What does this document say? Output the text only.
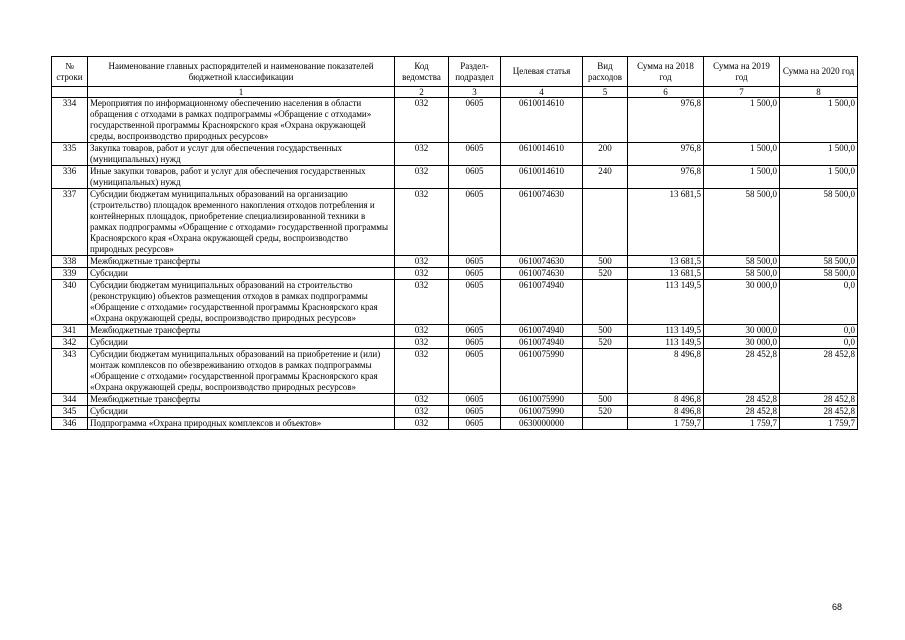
№ строки	Наименование главных распорядителей и наименование показателей бюджетной классификации	Код ведомства	Раздел-подраздел	Целевая статья	Вид расходов	Сумма на 2018 год	Сумма на 2019 год	Сумма на 2020 год
	1	2	3	4	5	6	7	8
334	Мероприятия по информационному обеспечению населения в области обращения с отходами в рамках подпрограммы «Обращение с отходами» государственной программы Красноярского края «Охрана окружающей среды, воспроизводство природных ресурсов»	032	0605	0610014610		976,8	1 500,0	1 500,0
335	Закупка товаров, работ и услуг для обеспечения государственных (муниципальных) нужд	032	0605	0610014610	200	976,8	1 500,0	1 500,0
336	Иные закупки товаров, работ и услуг для обеспечения государственных (муниципальных) нужд	032	0605	0610014610	240	976,8	1 500,0	1 500,0
337	Субсидии бюджетам муниципальных образований на организацию (строительство) площадок временного накопления отходов потребления и контейнерных площадок, приобретение специализированной техники в рамках подпрограммы «Обращение с отходами» государственной программы Красноярского края «Охрана окружающей среды, воспроизводство природных ресурсов»	032	0605	0610074630		13 681,5	58 500,0	58 500,0
338	Межбюджетные трансферты	032	0605	0610074630	500	13 681,5	58 500,0	58 500,0
339	Субсидии	032	0605	0610074630	520	13 681,5	58 500,0	58 500,0
340	Субсидии бюджетам муниципальных образований на строительство (реконструкцию) объектов размещения отходов в рамках подпрограммы «Обращение с отходами» государственной программы Красноярского края «Охрана окружающей среды, воспроизводство природных ресурсов»	032	0605	0610074940		113 149,5	30 000,0	0,0
341	Межбюджетные трансферты	032	0605	0610074940	500	113 149,5	30 000,0	0,0
342	Субсидии	032	0605	0610074940	520	113 149,5	30 000,0	0,0
343	Субсидии бюджетам муниципальных образований на приобретение и (или) монтаж комплексов по обезвреживанию отходов в рамках подпрограммы «Обращение с отходами» государственной программы Красноярского края «Охрана окружающей среды, воспроизводство природных ресурсов»	032	0605	0610075990		8 496,8	28 452,8	28 452,8
344	Межбюджетные трансферты	032	0605	0610075990	500	8 496,8	28 452,8	28 452,8
345	Субсидии	032	0605	0610075990	520	8 496,8	28 452,8	28 452,8
346	Подпрограмма «Охрана природных комплексов и объектов»	032	0605	0630000000		1 759,7	1 759,7	1 759,7
68
